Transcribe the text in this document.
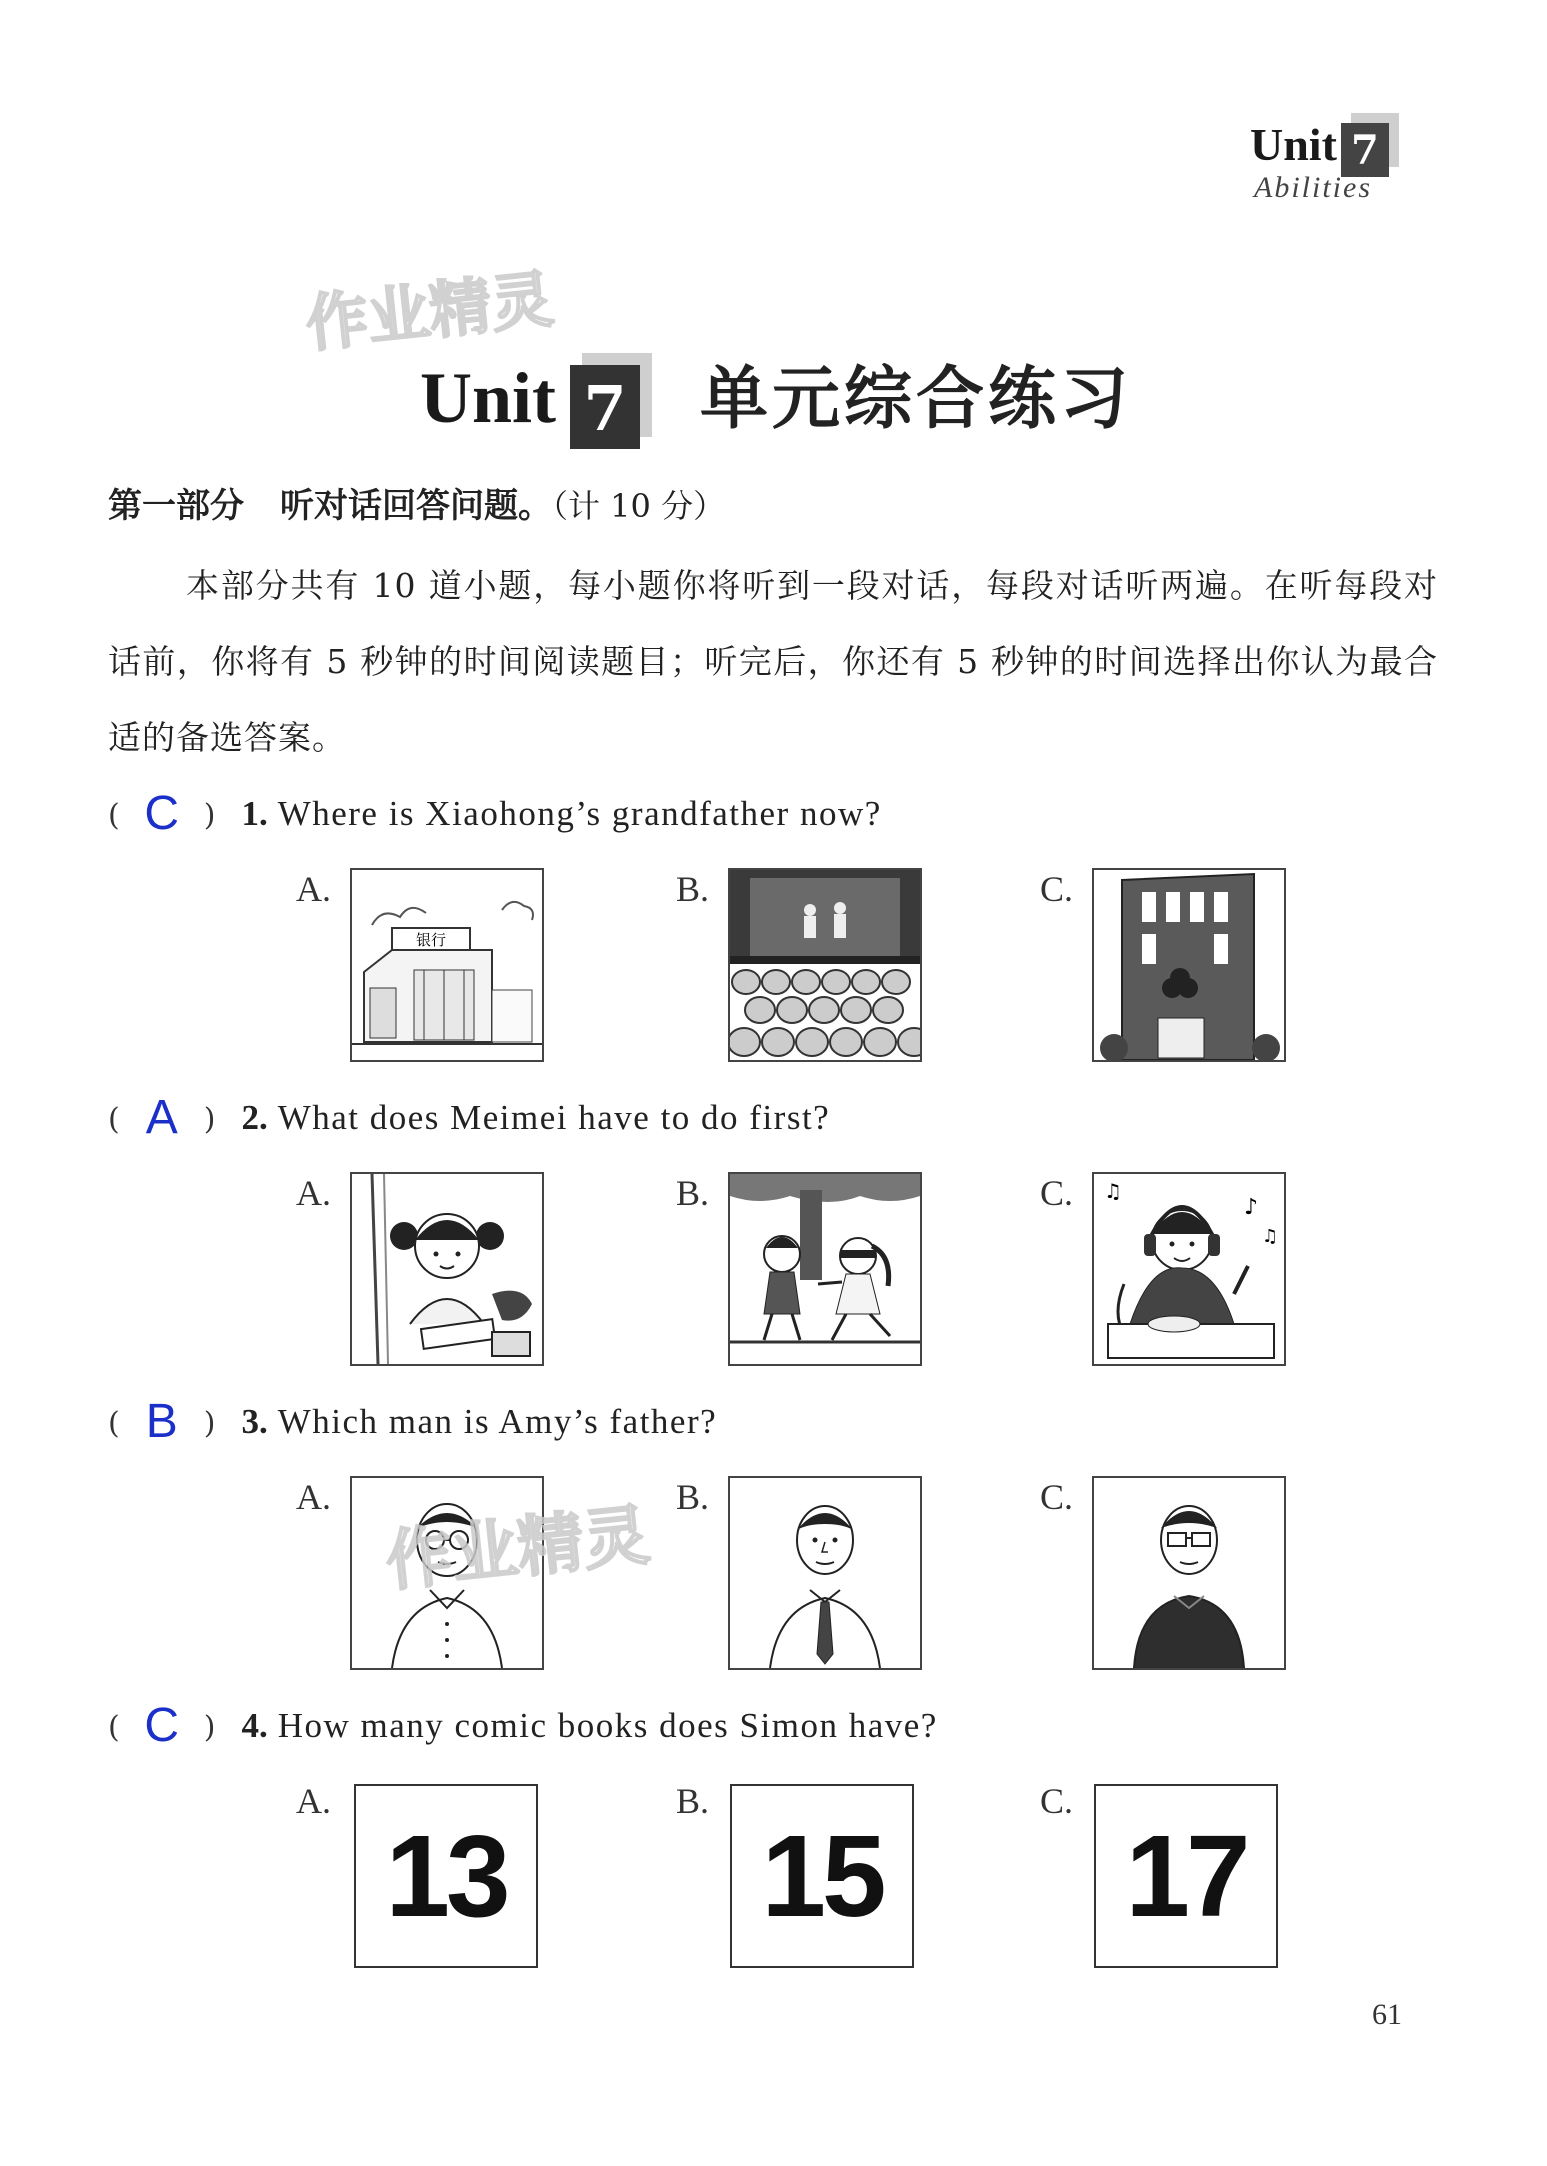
Unit 7
Abilities
作业精灵
Unit 7 单元综合练习
第一部分 听对话回答问题。（计 10 分）
本部分共有 10 道小题，每小题你将听到一段对话，每段对话听两遍。在听每段对话前，你将有 5 秒钟的时间阅读题目；听完后，你还有 5 秒钟的时间选择出你认为最合适的备选答案。
( C ) 1. Where is Xiaohong’s grandfather now?
A.
银行
B.	C.
( A ) 2. What does Meimei have to do first?
A.	B.	C. ♫
♪
♫
( B ) 3. Which man is Amy’s father?
A.	B.	C.
( C ) 4. How many comic books does Simon have?
A.
13
B.
15
C.
17
61
